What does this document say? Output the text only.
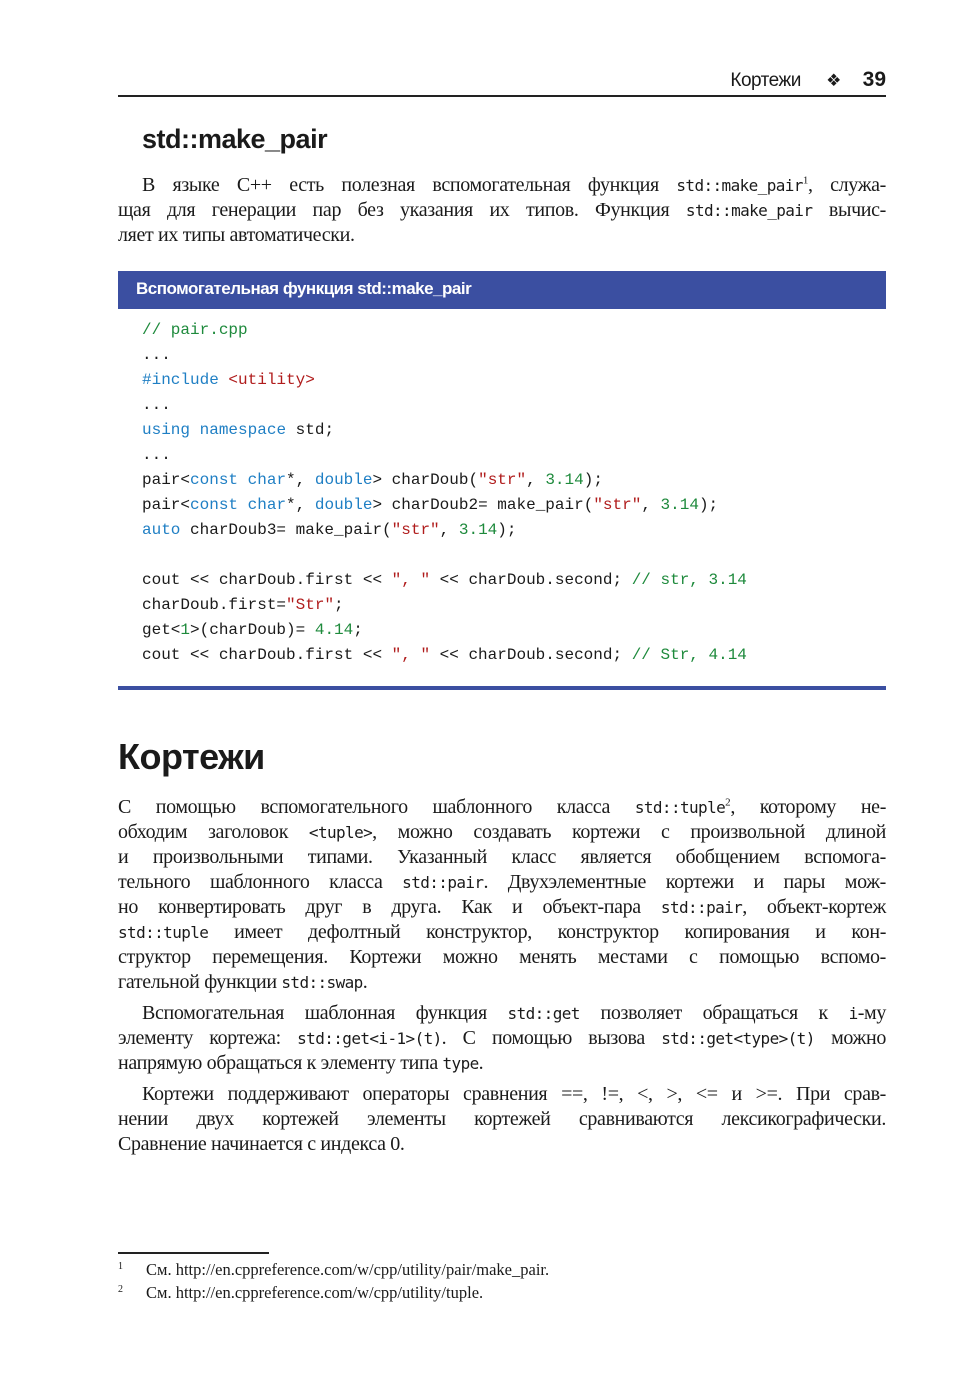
Кортежи ❖ 39
std::make_pair
В языке С++ есть полезная вспомогательная функция std::make_pair$^1$, служа-
щая для генерации пар без указания их типов. Функция std::make_pair вычис-
ляет их типы автоматически.
Вспомогательная функция std::make_pair
// pair.cpp
...
#include <utility>
...
using namespace std;
...
pair<const char*, double> charDoub("str", 3.14);
pair<const char*, double> charDoub2= make_pair("str", 3.14);
auto charDoub3= make_pair("str", 3.14);
cout << charDoub.first << ", " << charDoub.second; // str, 3.14
charDoub.first="Str";
get<1>(charDoub)= 4.14;
cout << charDoub.first << ", " << charDoub.second; // Str, 4.14
Кортежи
С помощью вспомогательного шаблонного класса std::tuple$^2$, которому не-
обходим заголовок <tuple>, можно создавать кортежи с произвольной длиной
и произвольными типами. Указанный класс является обобщением вспомога-
тельного шаблонного класса std::pair. Двухэлементные кортежи и пары мож-
но конвертировать друг в друга. Как и объект-пара std::pair, объект-кортеж
std::tuple имеет дефолтный конструктор, конструктор копирования и кон-
структор перемещения. Кортежи можно менять местами с помощью вспомо-
гательной функции std::swap.
Вспомогательная шаблонная функция std::get позволяет обращаться к i-му
элементу кортежа: std::get<i-1>(t). С помощью вызова std::get<type>(t) можно
напрямую обращаться к элементу типа type.
Кортежи поддерживают операторы сравнения ==, !=, <, >, <= и >=. При срав-
нении двух кортежей элементы кортежей сравниваются лексикографически.
Сравнение начинается с индекса 0.
$^1$ См. http://en.cppreference.com/w/cpp/utility/pair/make_pair.
$^2$ См. http://en.cppreference.com/w/cpp/utility/tuple.
